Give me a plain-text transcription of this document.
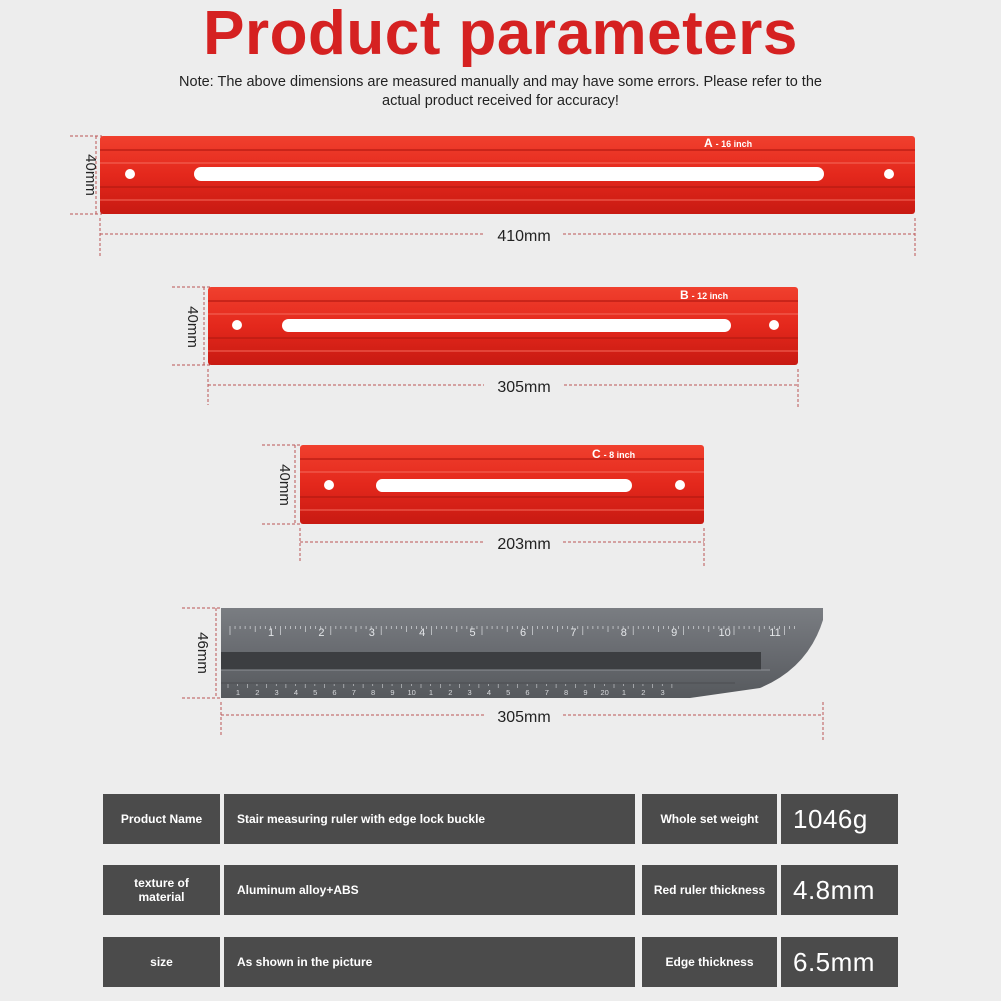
Product parameters
Note: The above dimensions are measured manually and may have some errors. Please refer to the
actual product received for accuracy!
A - 16 inch
40mm
410mm
B - 12 inch
40mm
305mm
C - 8 inch
40mm
203mm
1	2	3	4	5	6	7	8	9	10	11
1 2 3 4 5 6 7 8 9 10 1 2 3 4 5 6 7 8 9 20 1 2 3
46mm
305mm
Product Name	Stair measuring ruler with edge lock buckle	Whole set weight	1046g
texture of material	Aluminum alloy+ABS	Red ruler thickness	4.8mm
size	As shown in the picture	Edge thickness	6.5mm
